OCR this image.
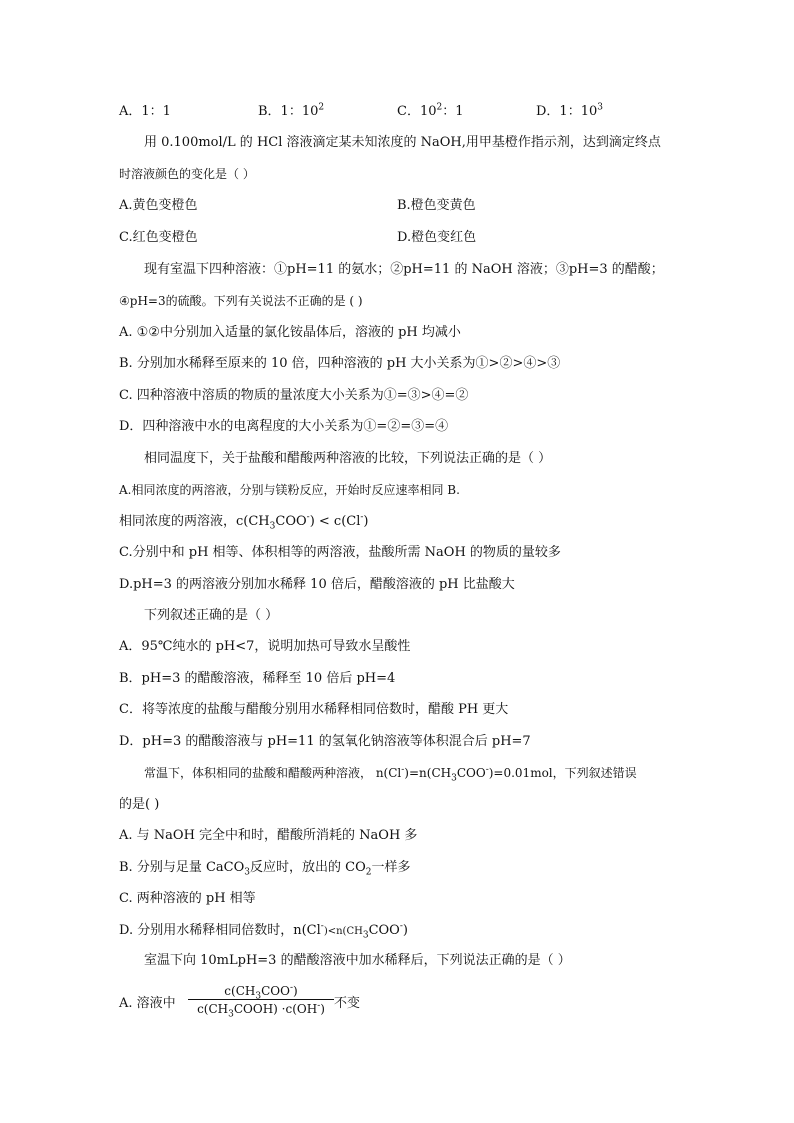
A．1：1	B．1：$10^2$	C．$10^2$：1	D．1：$10^3$
用 0.100mol/L 的 HCl 溶液滴定某未知浓度的 NaOH,用甲基橙作指示剂，达到滴定终点
时溶液颜色的变化是（ ）
A.黄色变橙色	B.橙色变黄色
C.红色变橙色	D.橙色变红色
现有室温下四种溶液：①pH=11 的氨水；②pH=11 的 NaOH 溶液；③pH=3 的醋酸；
④pH=3的硫酸。下列有关说法不正确的是 ( )
A. ①②中分别加入适量的氯化铵晶体后，溶液的 pH 均减小
B. 分别加水稀释至原来的 10 倍，四种溶液的 pH 大小关系为①>②>④>③
C. 四种溶液中溶质的物质的量浓度大小关系为①=③>④=②
D．四种溶液中水的电离程度的大小关系为①=②=③=④
相同温度下，关于盐酸和醋酸两种溶液的比较，下列说法正确的是（ ）
A.相同浓度的两溶液，分别与镁粉反应，开始时反应速率相同 B.
相同浓度的两溶液，$c(CH_3COO^-) < c(Cl^-)$
C.分别中和 pH 相等、体积相等的两溶液，盐酸所需 NaOH 的物质的量较多
D.pH=3 的两溶液分别加水稀释 10 倍后，醋酸溶液的 pH 比盐酸大
下列叙述正确的是（ ）
A．95℃纯水的 pH<7，说明加热可导致水呈酸性
B．pH=3 的醋酸溶液，稀释至 10 倍后 pH=4
C．将等浓度的盐酸与醋酸分别用水稀释相同倍数时，醋酸 PH 更大
D．pH=3 的醋酸溶液与 pH=11 的氢氧化钠溶液等体积混合后 pH=7
常温下，体积相同的盐酸和醋酸两种溶液， $n(Cl^-)=n(CH_3COO^-)=0.01mol$，下列叙述错误
的是( )
A. 与 NaOH 完全中和时，醋酸所消耗的 NaOH 多
B. 分别与足量 CaCO$_3$反应时，放出的 $CO_2$一样多
C. 两种溶液的 pH 相等
D. 分别用水稀释相同倍数时，$n(Cl^-)<n(CH_3COO^-)$
室温下向 10mLpH=3 的醋酸溶液中加水稀释后，下列说法正确的是（ ）
A. 溶液中
$c(CH_3COO^-)$
$c(CH_3COOH) \cdot c(OH^-)$ 不变
